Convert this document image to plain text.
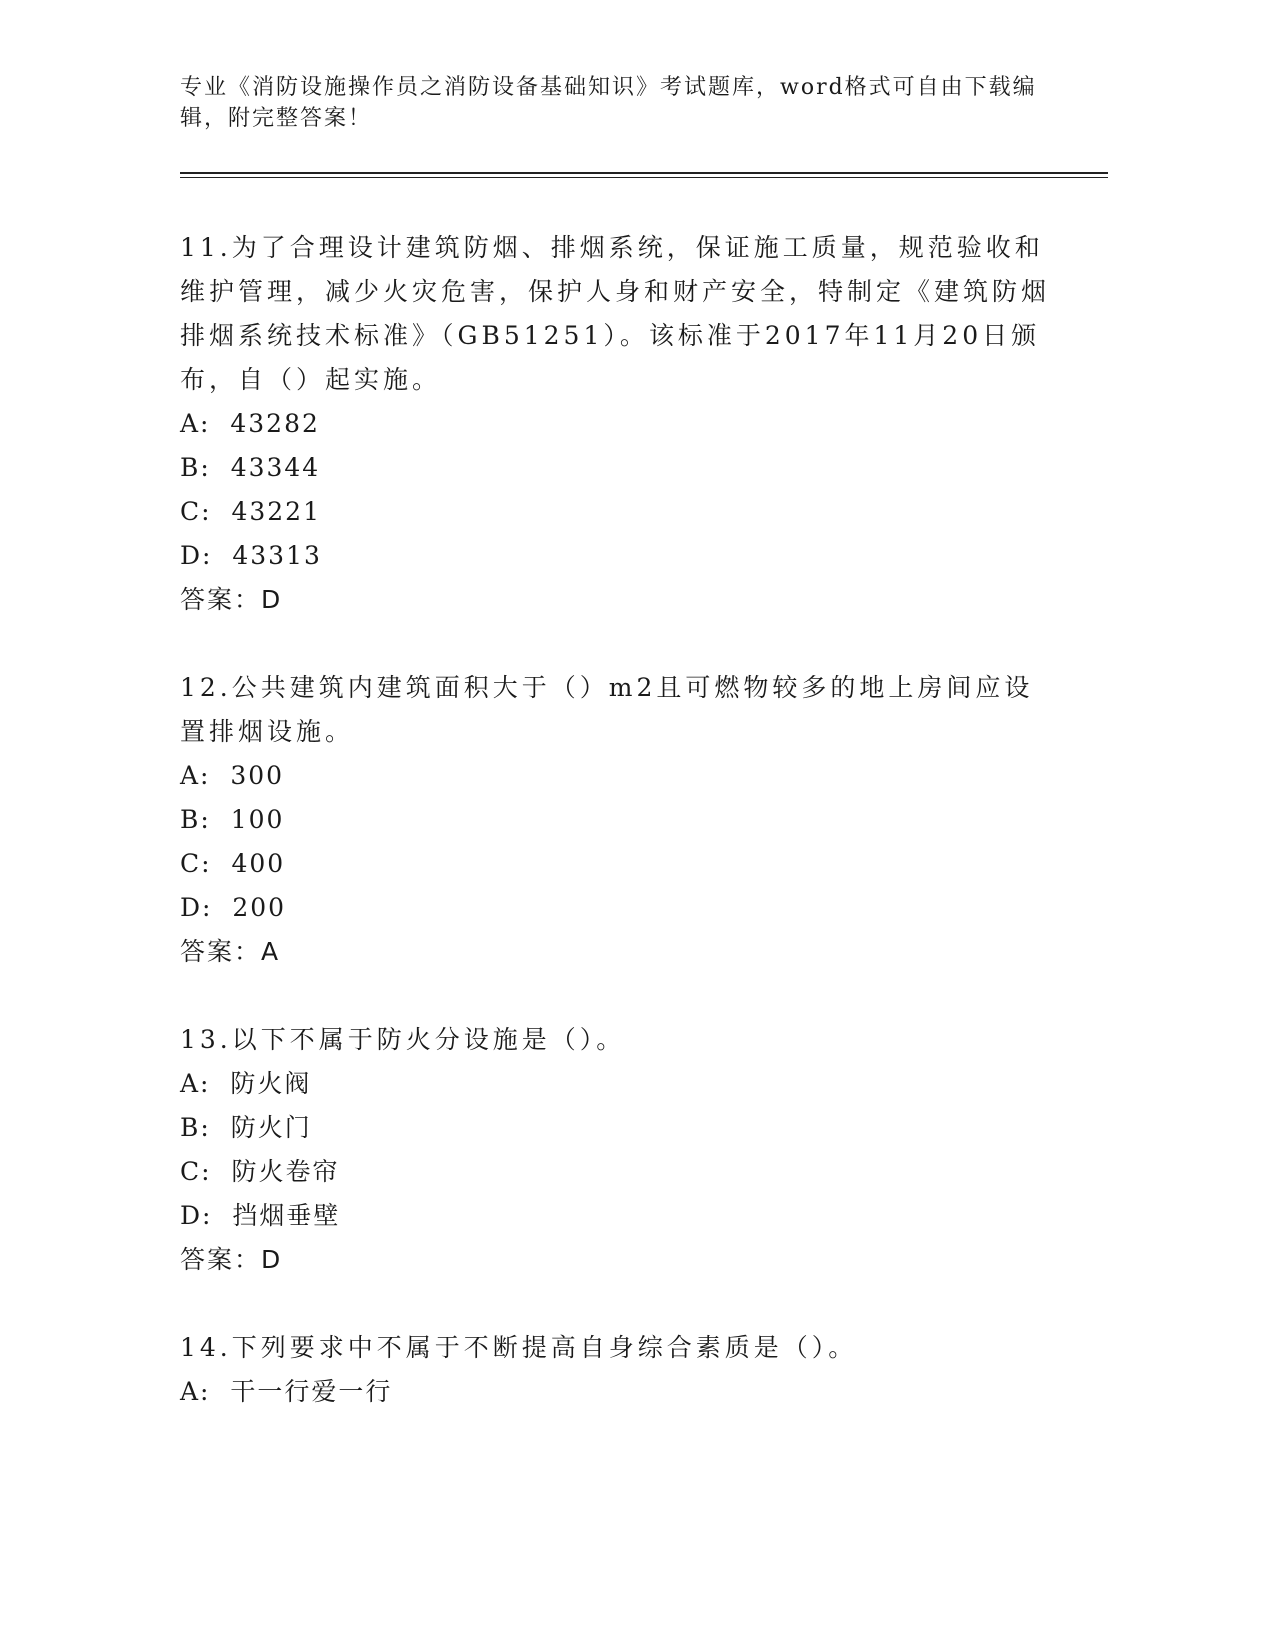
专业《消防设施操作员之消防设备基础知识》考试题库，word格式可自由下载编辑，附完整答案！
11.为了合理设计建筑防烟、排烟系统，保证施工质量，规范验收和维护管理，减少火灾危害，保护人身和财产安全，特制定《建筑防烟排烟系统技术标准》（GB51251）。该标准于2017年11月20日颁布，自（）起实施。
A:  43282
B:  43344
C:  43221
D:  43313
答案：D
12.公共建筑内建筑面积大于（）m2且可燃物较多的地上房间应设置排烟设施。
A:  300
B:  100
C:  400
D:  200
答案：A
13.以下不属于防火分设施是（）。
A:  防火阀
B:  防火门
C:  防火卷帘
D:  挡烟垂壁
答案：D
14.下列要求中不属于不断提高自身综合素质是（）。
A:  干一行爱一行
